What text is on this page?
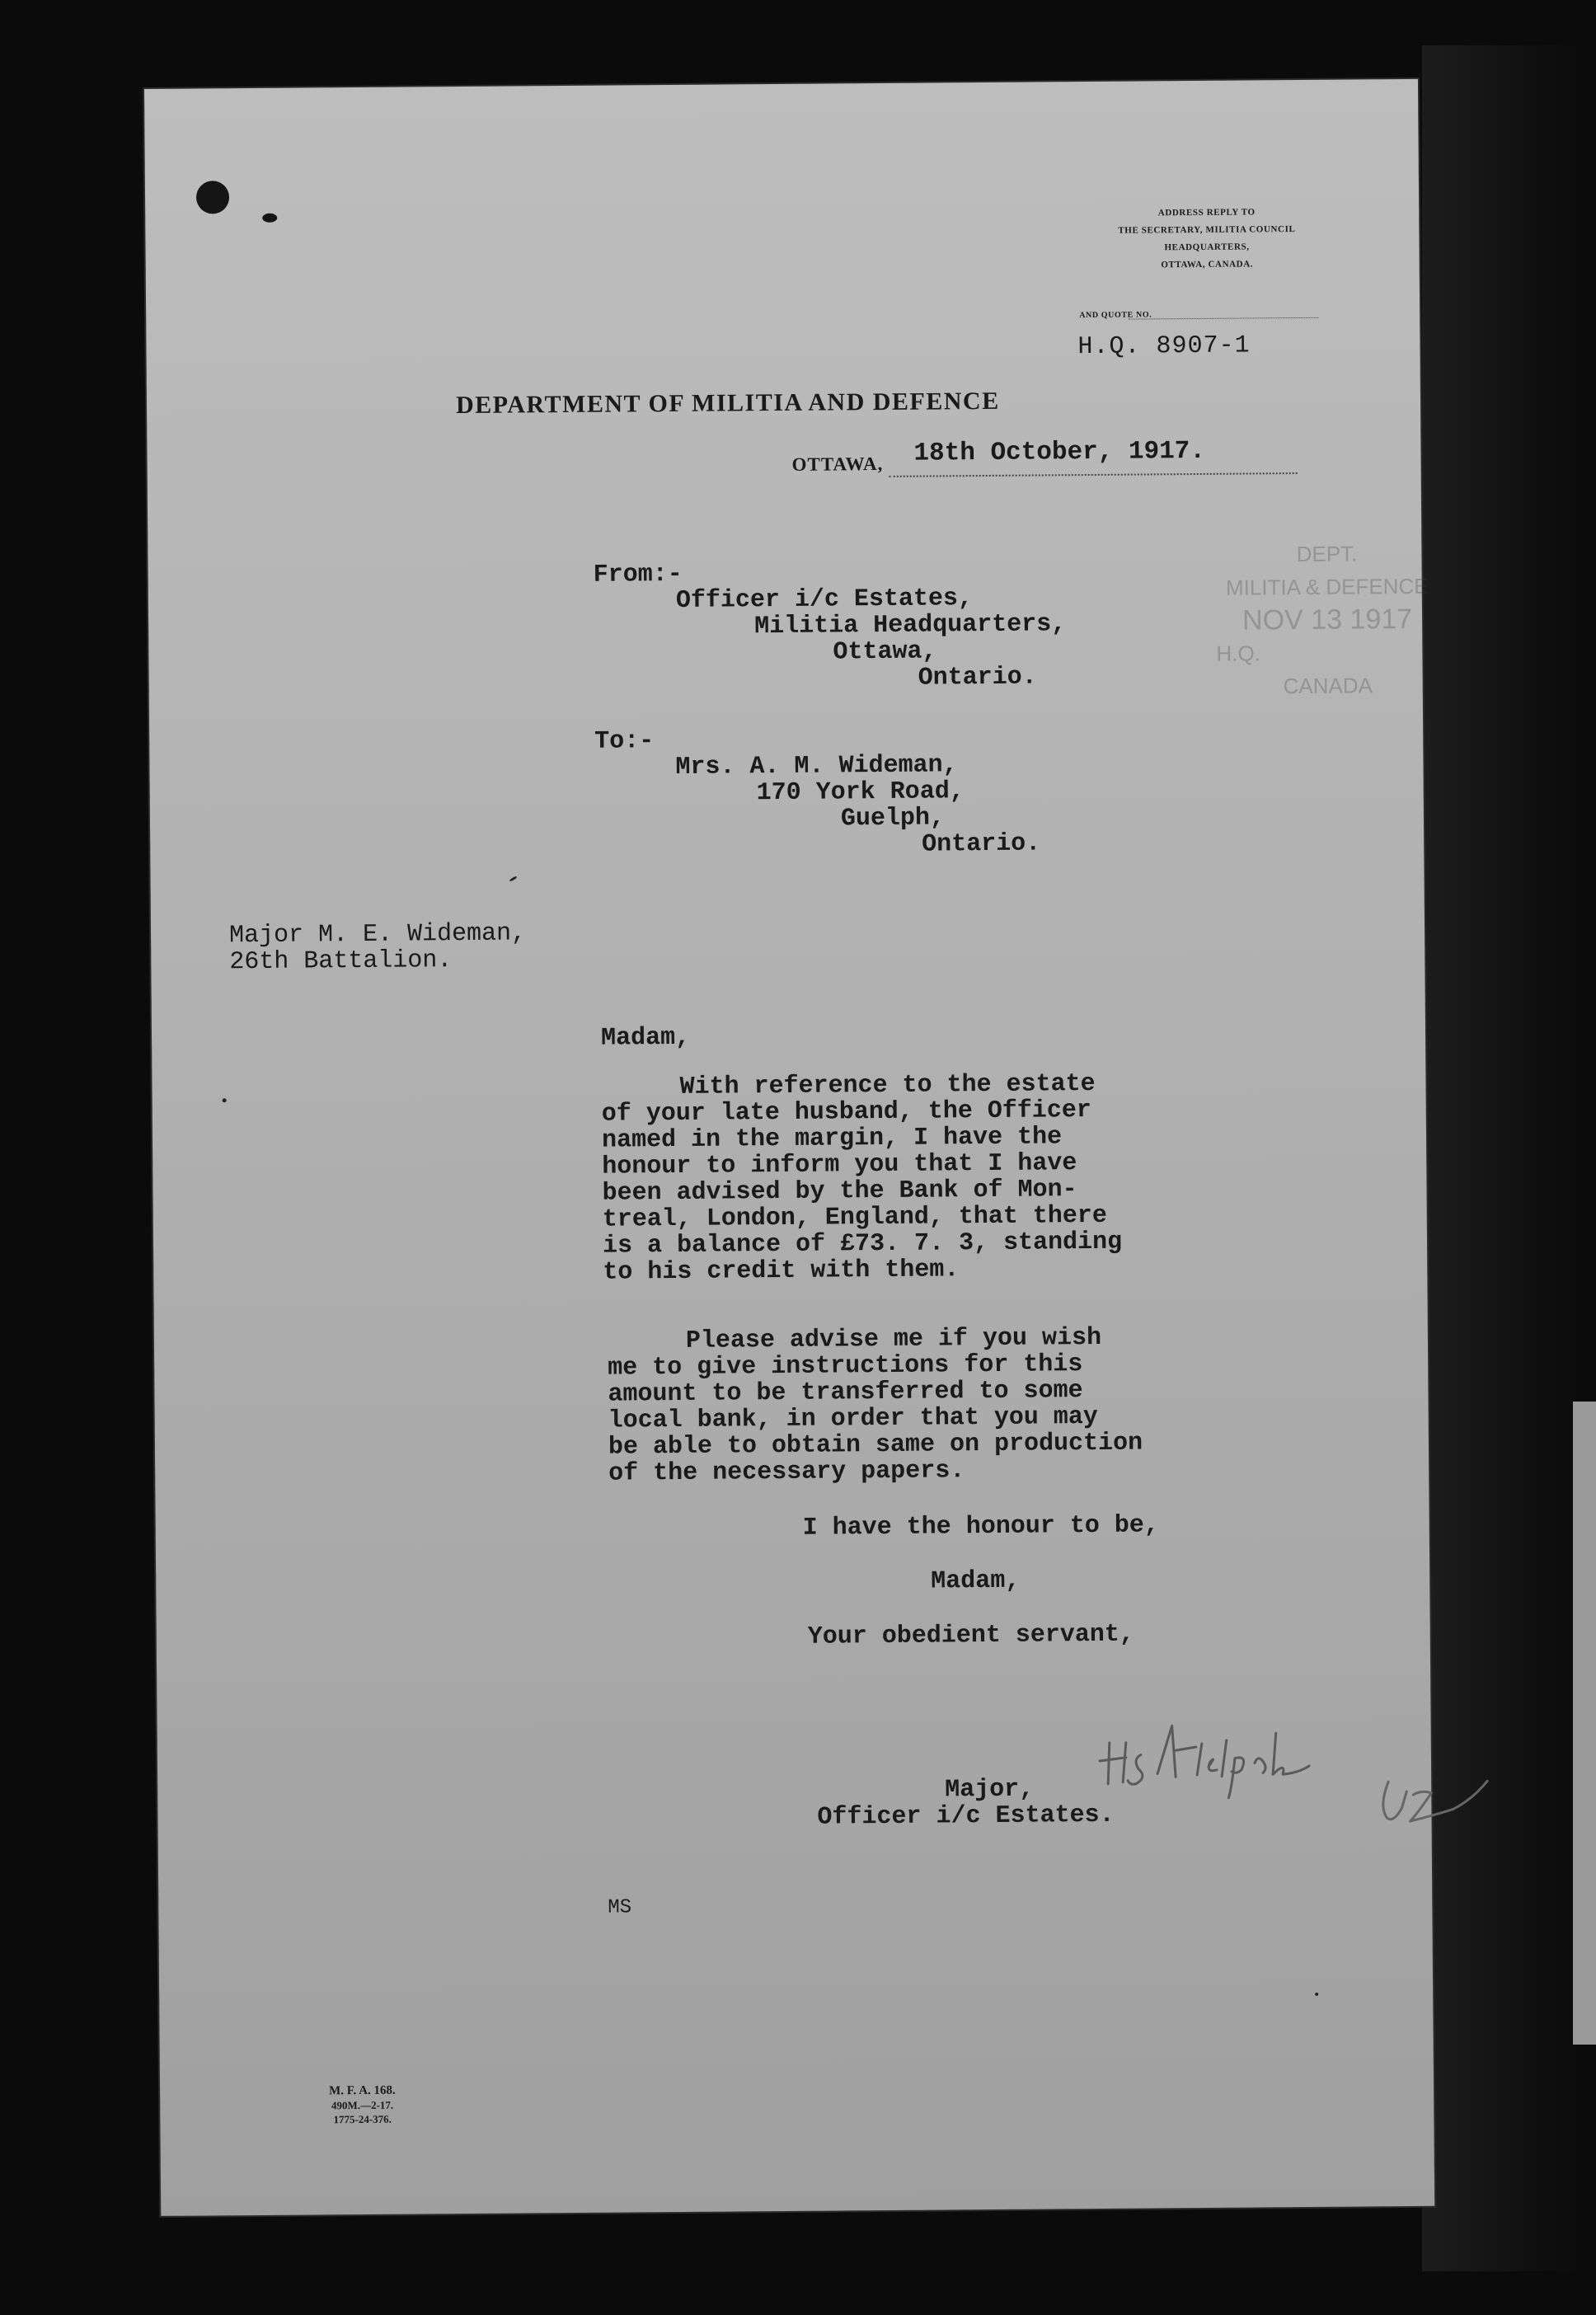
ADDRESS REPLY TO
THE SECRETARY, MILITIA COUNCIL
HEADQUARTERS,
OTTAWA, CANADA.
AND QUOTE NO.
H.Q. 8907-1
DEPARTMENT OF MILITIA AND DEFENCE
OTTAWA, 18th October, 1917.
DEPT.
MILITIA & DEFENCE
NOV 13 1917
H.Q.
CANADA
From:-
Officer i/c Estates,
Militia Headquarters,
Ottawa,
Ontario.
To:-
Mrs. A. M. Wideman,
170 York Road,
Guelph,
Ontario.
Major M. E. Wideman,
26th Battalion.
Madam,
With reference to the estate
of your late husband, the Officer
named in the margin, I have the
honour to inform you that I have
been advised by the Bank of Mon-
treal, London, England, that there
is a balance of £73. 7. 3, standing
to his credit with them.
Please advise me if you wish
me to give instructions for this
amount to be transferred to some
local bank, in order that you may
be able to obtain same on production
of the necessary papers.
I have the honour to be,
Madam,
Your obedient servant,
Major,
Officer i/c Estates.
MS
M. F. A. 168.
490M.—2-17.
1775-24-376.
